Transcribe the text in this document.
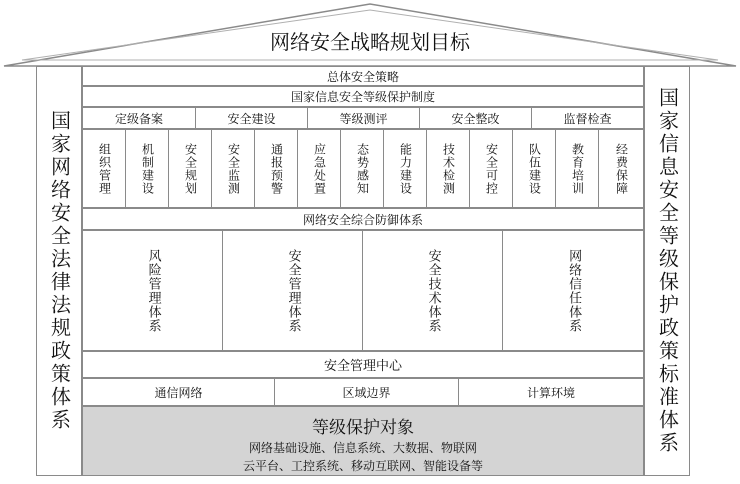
网络安全战略规划目标
国家网络安全法律法规政策体系	国家信息安全等级保护政策标准体系
总体安全策略
国家信息安全等级保护制度
定级备案	安全建设	等级测评	安全整改	监督检查
组织管理 机制建设 安全规划 安全监测 通报预警 应急处置 态势感知 能力建设 技术检测 安全可控 队伍建设 教育培训	经费保障
网络安全综合防御体系
风险管理体系	安全管理体系	安全技术体系	网络信任体系
安全管理中心
通信网络	区域边界	计算环境
等级保护对象
网络基础设施、信息系统、大数据、物联网
云平台、工控系统、移动互联网、智能设备等
